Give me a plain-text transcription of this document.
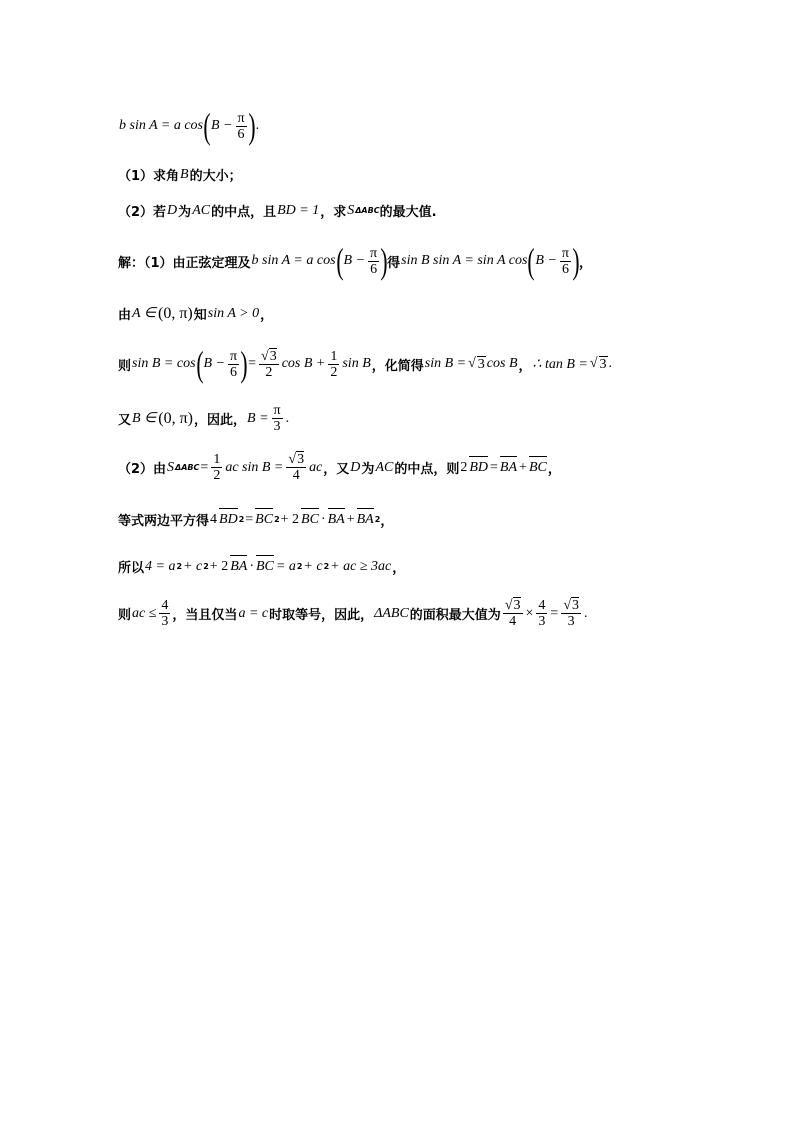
b sin A = a cos ( $B - \frac{\pi}{6}$ ) .
（1）求角 B 的大小；
（2）若 D 为 AC 的中点，且 BD = 1 ，求 S ΔABC 的最大值.
解：（1）由正弦定理及 b sin A = a cos ( $B - \frac{\pi}{6}$ ) 得 sin B sin A = sin A cos ( $B - \frac{\pi}{6}$ ) ，
由 A ∈ (0, π) 知 sin A > 0 ，
则 sin B = cos ( $B - \frac{\pi}{6}$ ) = $\frac{√3}{2}$ $\cos B + \frac{1}{2}$ sin B ，化简得 sin B = √ 3 cos B ， ∴ tan B = √ 3 .
又 B ∈ (0, π) ，因此， $B = \frac{\pi}{3}$ .
（2）由 S $\Delta ABC = \frac{1}{2}$ ac $\sin B = \frac{√3}{4}$ ac ，又 D 为 AC 的中点，则 2 BD = BA + BC ，
等式两边平方得 4 BD 2 = BC 2 + 2 BC · BA + BA 2 ，
所以 4 = a 2 + c 2 + 2 BA · BC = a 2 + c 2 + ac ≥ 3ac ，
则 ac ≤ $\frac{4}{3}$ ，当且仅当 a = c 时取等号，因此， ΔABC 的面积最大值为 $\frac{√3}{4} \times \frac{4}{3} = \frac{√3}{3}$ .
